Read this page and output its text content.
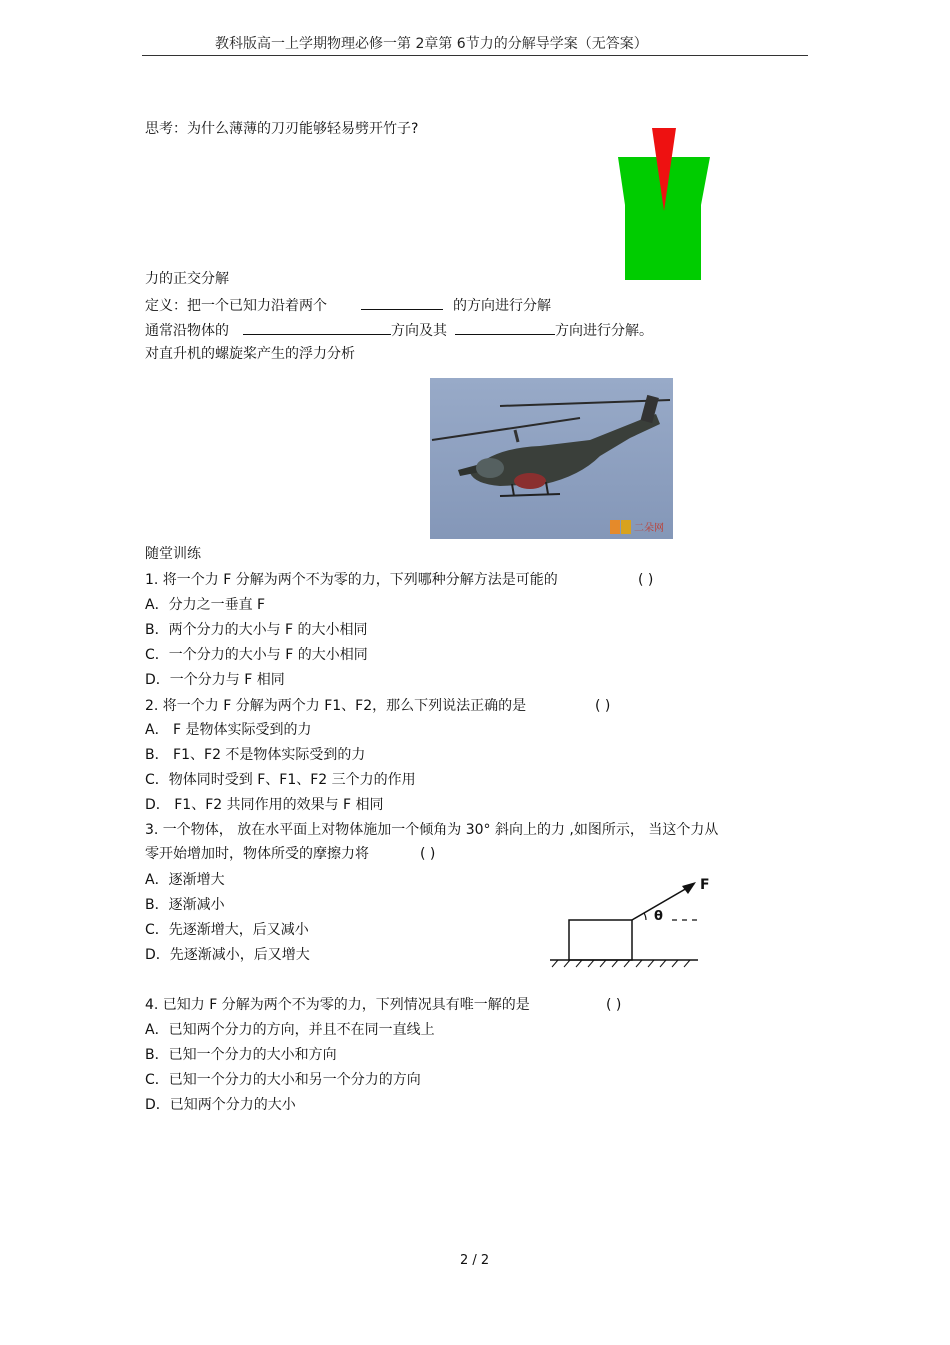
教科版高一上学期物理必修一第 2章第 6节力的分解导学案（无答案）
思考：为什么薄薄的刀刃能够轻易劈开竹子?
力的正交分解
定义：把一个已知力沿着两个	的方向进行分解
通常沿物体的	方向及其	方向进行分解。
对直升机的螺旋桨产生的浮力分析
二朵网
随堂训练
1. 将一个力 F 分解为两个不为零的力，下列哪种分解方法是可能的	( )
A．分力之一垂直 F
B．两个分力的大小与 F 的大小相同
C．一个分力的大小与 F 的大小相同
D．一个分力与 F 相同
2. 将一个力 F 分解为两个力 F1、F2，那么下列说法正确的是	( )
A． F 是物体实际受到的力
B． F1、F2 不是物体实际受到的力
C．物体同时受到 F、F1、F2 三个力的作用
D． F1、F2 共同作用的效果与 F 相同
3. 一个物体， 放在水平面上对物体施加一个倾角为 30° 斜向上的力 ,如图所示， 当这个力从
零开始增加时，物体所受的摩擦力将	( )
A．逐渐增大
B．逐渐减小
C．先逐渐增大，后又减小
D．先逐渐减小，后又增大
F
θ
4. 已知力 F 分解为两个不为零的力，下列情况具有唯一解的是	( )
A．已知两个分力的方向，并且不在同一直线上
B．已知一个分力的大小和方向
C．已知一个分力的大小和另一个分力的方向
D．已知两个分力的大小
2 / 2
